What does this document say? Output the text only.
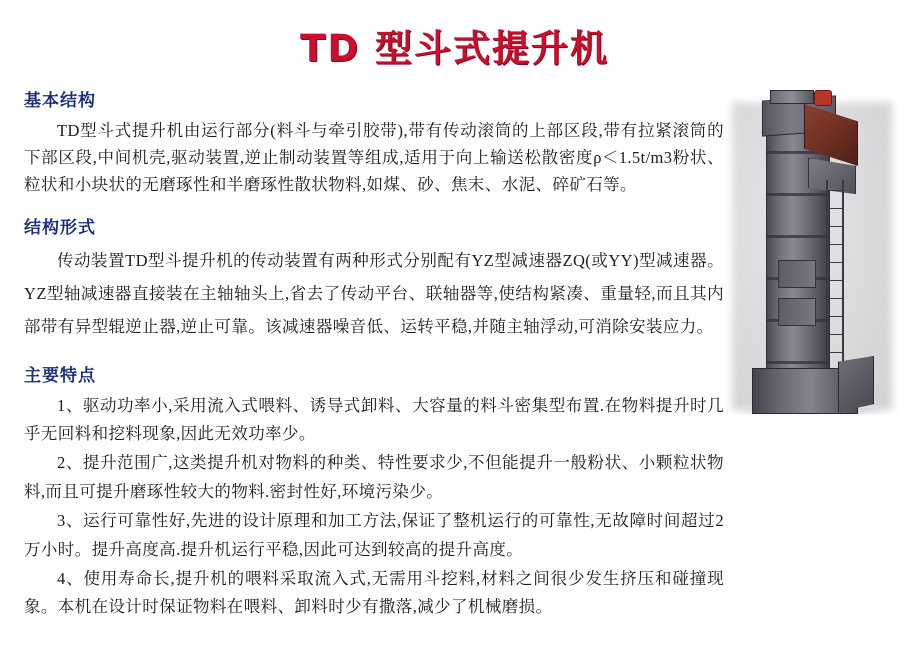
TD 型斗式提升机
基本结构

TD型斗式提升机由运行部分(料斗与牵引胶带),带有传动滚筒的上部区段,带有拉紧滚筒的下部区段,中间机壳,驱动装置,逆止制动装置等组成,适用于向上输送松散密度ρ＜1.5t/m3粉状、粒状和小块状的无磨琢性和半磨琢性散状物料,如煤、砂、焦末、水泥、碎矿石等。

结构形式

传动装置TD型斗提升机的传动装置有两种形式分别配有YZ型减速器ZQ(或YY)型减速器。YZ型轴减速器直接装在主轴轴头上,省去了传动平台、联轴器等,使结构紧凑、重量轻,而且其内部带有异型辊逆止器,逆止可靠。该减速器噪音低、运转平稳,并随主轴浮动,可消除安装应力。

主要特点

1、驱动功率小,采用流入式喂料、诱导式卸料、大容量的料斗密集型布置.在物料提升时几乎无回料和挖料现象,因此无效功率少。

2、提升范围广,这类提升机对物料的种类、特性要求少,不但能提升一般粉状、小颗粒状物料,而且可提升磨琢性较大的物料.密封性好,环境污染少。

3、运行可靠性好,先进的设计原理和加工方法,保证了整机运行的可靠性,无故障时间超过2万小时。提升高度高.提升机运行平稳,因此可达到较高的提升高度。

4、使用寿命长,提升机的喂料采取流入式,无需用斗挖料,材料之间很少发生挤压和碰撞现象。本机在设计时保证物料在喂料、卸料时少有撒落,减少了机械磨损。
